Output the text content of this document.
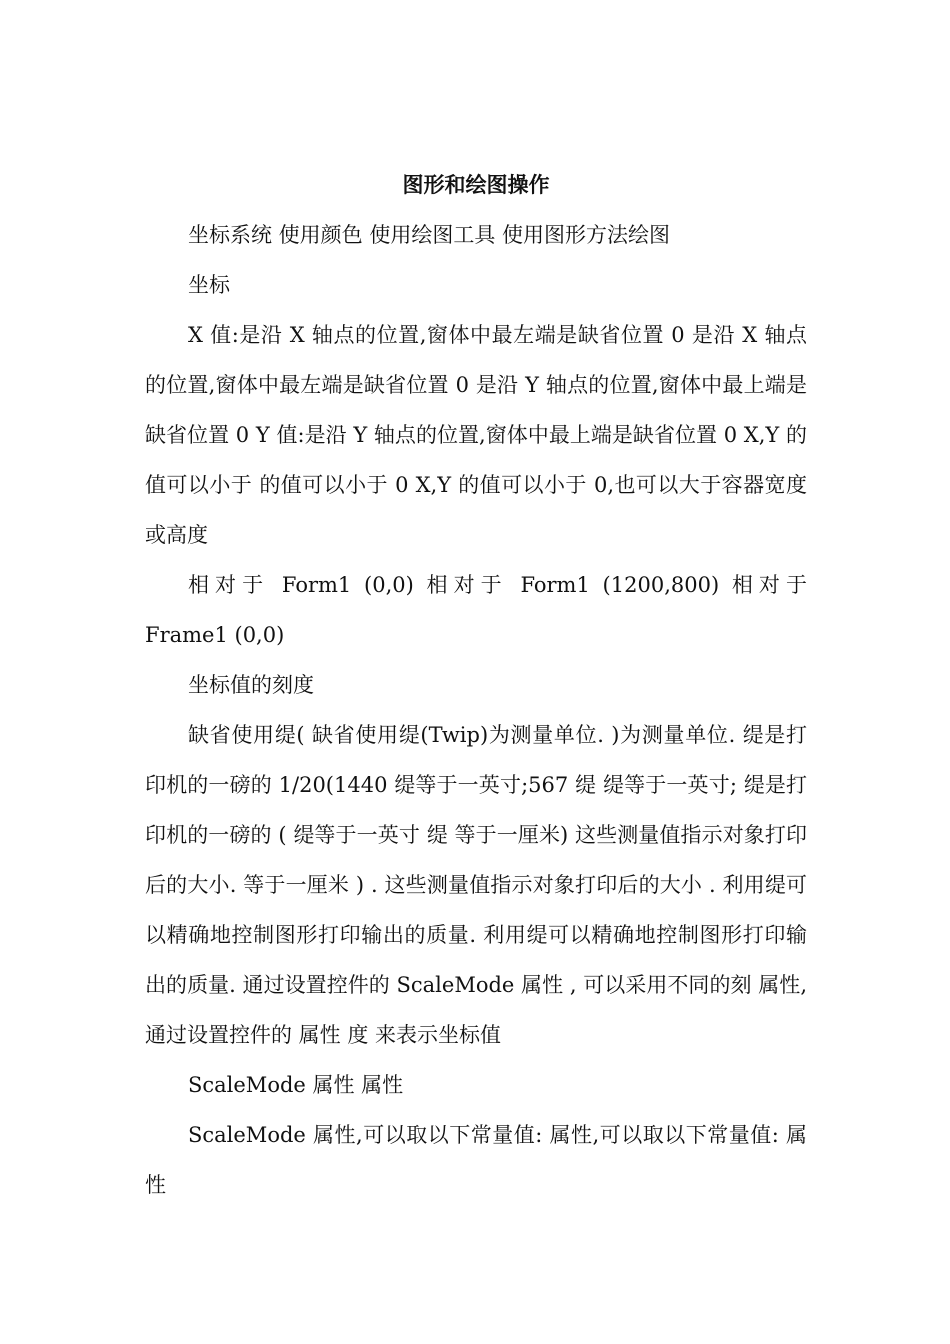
图形和绘图操作

坐标系统 使用颜色 使用绘图工具 使用图形方法绘图

坐标

X 值:是沿 X 轴点的位置,窗体中最左端是缺省位置 0 是沿 X 轴点的位置,窗体中最左端是缺省位置 0 是沿 Y 轴点的位置,窗体中最上端是缺省位置 0 Y 值:是沿 Y 轴点的位置,窗体中最上端是缺省位置 0 X,Y 的值可以小于 的值可以小于 0 X,Y 的值可以小于 0,也可以大于容器宽度或高度

相对于 Form1 (0,0) 相对于 Form1 (1200,800) 相对于 Frame1 (0,0)

坐标值的刻度

缺省使用缇( 缺省使用缇(Twip)为测量单位. )为测量单位. 缇是打印机的一磅的 1/20(1440 缇等于一英寸;567 缇 缇等于一英寸; 缇是打印机的一磅的 ( 缇等于一英寸 缇 等于一厘米) 这些测量值指示对象打印后的大小. 等于一厘米 ) . 这些测量值指示对象打印后的大小 . 利用缇可以精确地控制图形打印输出的质量. 利用缇可以精确地控制图形打印输出的质量. 通过设置控件的 ScaleMode 属性 , 可以采用不同的刻 属性, 通过设置控件的 属性 度 来表示坐标值

ScaleMode 属性 属性

ScaleMode 属性,可以取以下常量值: 属性,可以取以下常量值: 属性
